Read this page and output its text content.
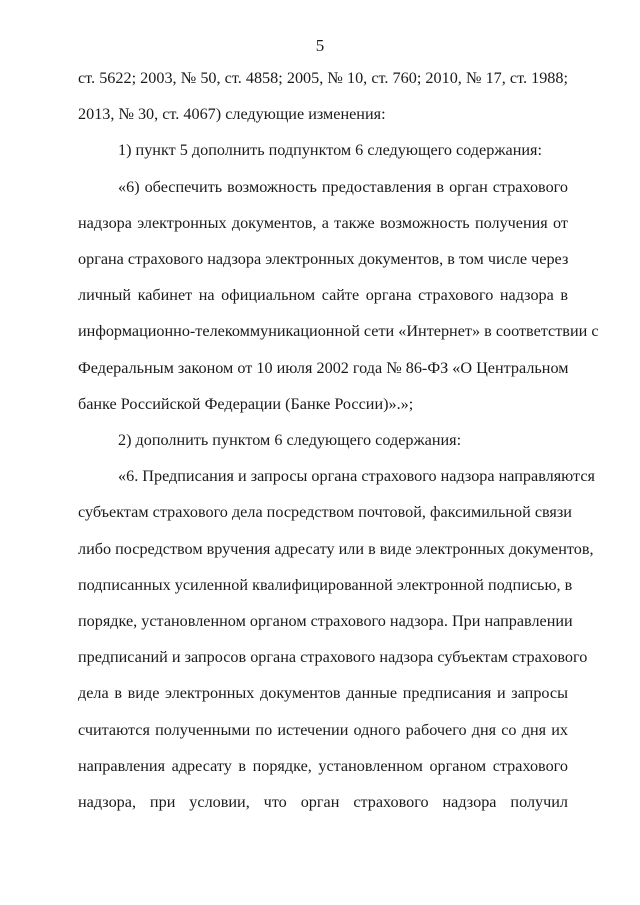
5
ст. 5622; 2003, № 50, ст. 4858; 2005, № 10, ст. 760; 2010, № 17, ст. 1988;
2013, № 30, ст. 4067) следующие изменения:
1) пункт 5 дополнить подпунктом 6 следующего содержания:
«6) обеспечить возможность предоставления в орган страхового
надзора электронных документов, а также возможность получения от
органа страхового надзора электронных документов, в том числе через
личный кабинет на официальном сайте органа страхового надзора в
информационно-телекоммуникационной сети «Интернет» в соответствии с
Федеральным законом от 10 июля 2002 года № 86-ФЗ «О Центральном
банке Российской Федерации (Банке России)».»;
2) дополнить пунктом 6 следующего содержания:
«6. Предписания и запросы органа страхового надзора направляются
субъектам страхового дела посредством почтовой, факсимильной связи
либо посредством вручения адресату или в виде электронных документов,
подписанных усиленной квалифицированной электронной подписью, в
порядке, установленном органом страхового надзора. При направлении
предписаний и запросов органа страхового надзора субъектам страхового
дела в виде электронных документов данные предписания и запросы
считаются полученными по истечении одного рабочего дня со дня их
направления адресату в порядке, установленном органом страхового
надзора, при условии, что орган страхового надзора получил
